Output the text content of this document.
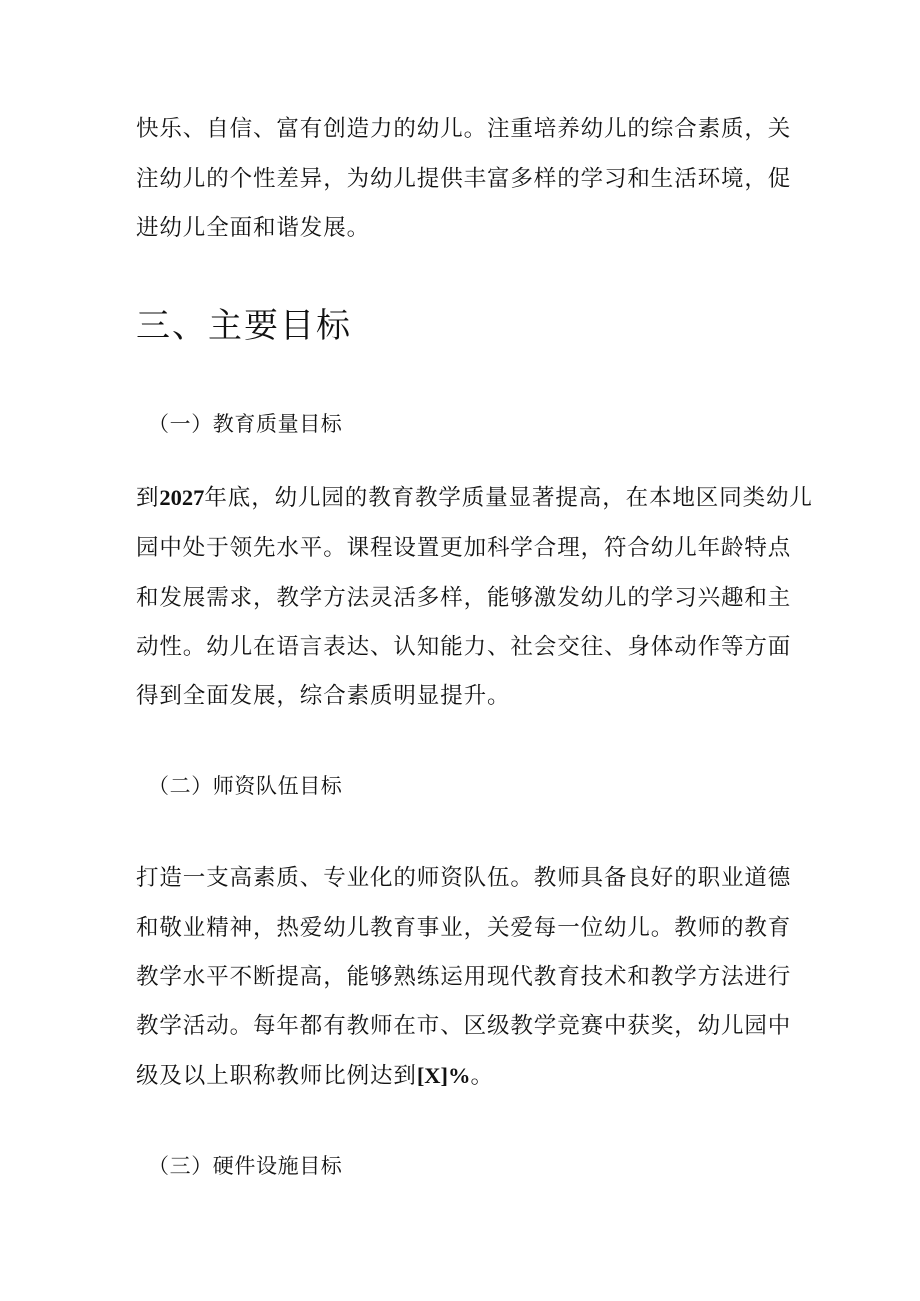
快乐、自信、富有创造力的幼儿。注重培养幼儿的综合素质，关
注幼儿的个性差异，为幼儿提供丰富多样的学习和生活环境，促
进幼儿全面和谐发展。
三、主要目标
（一）教育质量目标
到2027年底，幼儿园的教育教学质量显著提高，在本地区同类幼儿
园中处于领先水平。课程设置更加科学合理，符合幼儿年龄特点
和发展需求，教学方法灵活多样，能够激发幼儿的学习兴趣和主
动性。幼儿在语言表达、认知能力、社会交往、身体动作等方面
得到全面发展，综合素质明显提升。
（二）师资队伍目标
打造一支高素质、专业化的师资队伍。教师具备良好的职业道德
和敬业精神，热爱幼儿教育事业，关爱每一位幼儿。教师的教育
教学水平不断提高，能够熟练运用现代教育技术和教学方法进行
教学活动。每年都有教师在市、区级教学竞赛中获奖，幼儿园中
级及以上职称教师比例达到[X]%。
（三）硬件设施目标
